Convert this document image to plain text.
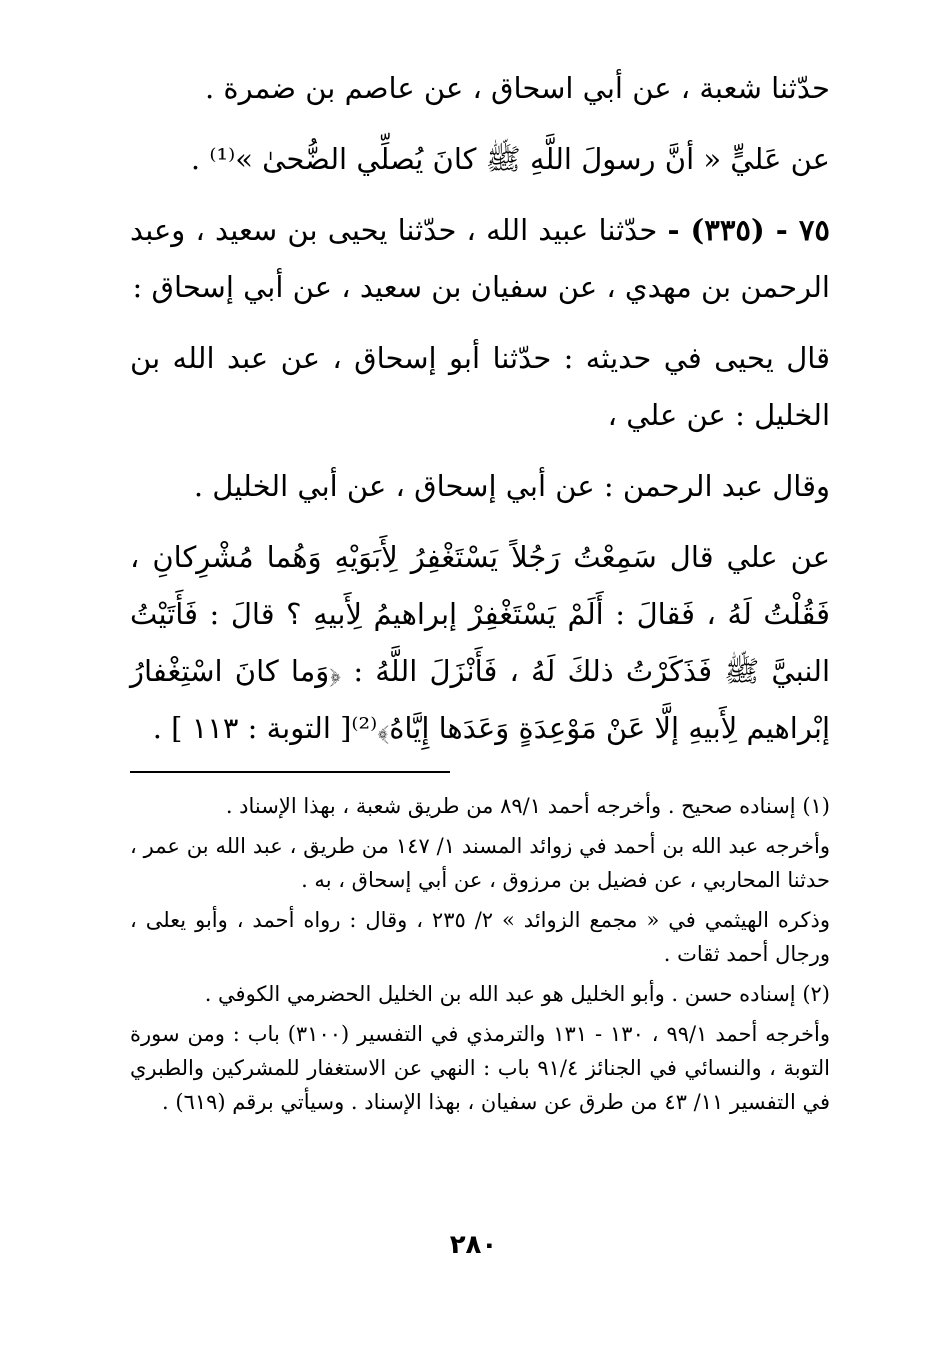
حدّثنا شعبة ، عن أبي اسحاق ، عن عاصم بن ضمرة .

عن عَليٍّ « أنَّ رسولَ اللَّهِ ﷺ كانَ يُصلِّي الضُّحىٰ »⁽¹⁾ .

٧٥ - (٣٣٥) - حدّثنا عبيد الله ، حدّثنا يحيى بن سعيد ، وعبد الرحمن بن مهدي ، عن سفيان بن سعيد ، عن أبي إسحاق :

قال يحيى في حديثه : حدّثنا أبو إسحاق ، عن عبد الله بن الخليل : عن علي ،

وقال عبد الرحمن : عن أبي إسحاق ، عن أبي الخليل .

عن علي قال سَمِعْتُ رَجُلاً يَسْتَغْفِرُ لِأَبَوَيْهِ وَهُما مُشْرِكانِ ، فَقُلْتُ لَهُ ، فَقالَ : أَلَمْ يَسْتَغْفِرْ إبراهيمُ لِأَبيهِ ؟ قالَ : فَأَتَيْتُ النبيَّ ﷺ فَذَكَرْتُ ذلكَ لَهُ ، فَأَنْزَلَ اللَّهُ : ﴿وَما كانَ اسْتِغْفارُ إبْراهيم لِأَبيهِ إلَّا عَنْ مَوْعِدَةٍ وَعَدَها إِيَّاهُ﴾⁽²⁾[ التوبة : ١١٣ ] .

(١) إسناده صحيح . وأخرجه أحمد ٨٩/١ من طريق شعبة ، بهذا الإسناد .

وأخرجه عبد الله بن أحمد في زوائد المسند ١/ ١٤٧ من طريق ، عبد الله بن عمر ، حدثنا المحاربي ، عن فضيل بن مرزوق ، عن أبي إسحاق ، به .

وذكره الهيثمي في « مجمع الزوائد » ٢/ ٢٣٥ ، وقال : رواه أحمد ، وأبو يعلى ، ورجال أحمد ثقات .

(٢) إسناده حسن . وأبو الخليل هو عبد الله بن الخليل الحضرمي الكوفي .

وأخرجه أحمد ٩٩/١ ، ١٣٠ - ١٣١ والترمذي في التفسير (٣١٠٠) باب : ومن سورة التوبة ، والنسائي في الجنائز ٩١/٤ باب : النهي عن الاستغفار للمشركين والطبري في التفسير ١١/ ٤٣ من طرق عن سفيان ، بهذا الإسناد . وسيأتي برقم (٦١٩) .

٢٨٠
